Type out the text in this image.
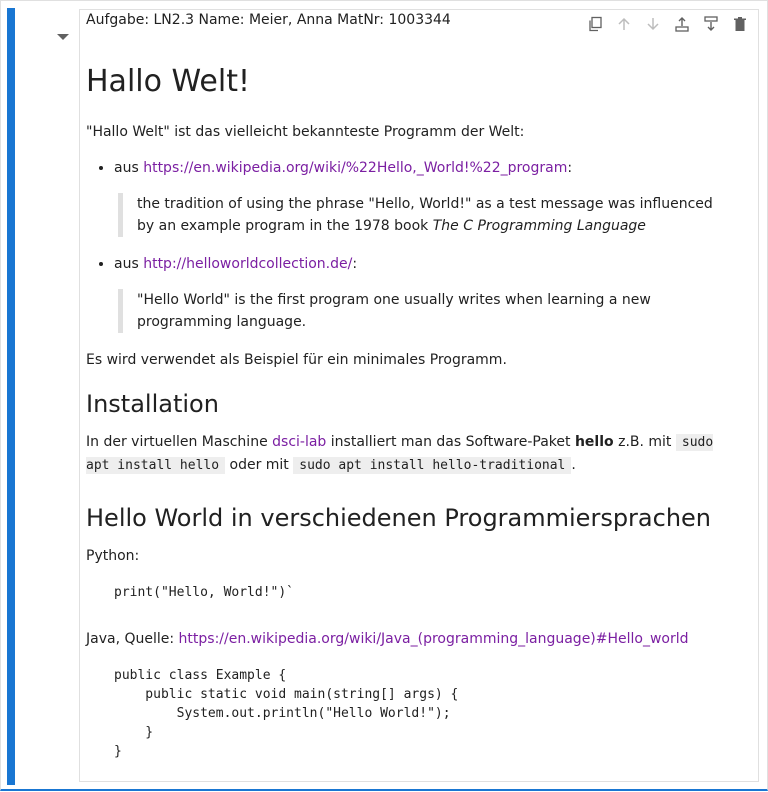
Aufgabe: LN2.3 Name: Meier, Anna MatNr: 1003344
Hallo Welt!

"Hallo Welt" ist das vielleicht bekannteste Programm der Welt:

• aus https://en.wikipedia.org/wiki/%22Hello,_World!%22_program:
the tradition of using the phrase "Hello, World!" as a test message was influenced by an example program in the 1978 book The C Programming Language
• aus http://helloworldcollection.de/:
"Hello World" is the first program one usually writes when learning a new programming language.

Es wird verwendet als Beispiel für ein minimales Programm.

Installation

In der virtuellen Maschine dsci-lab installiert man das Software-Paket hello z.B. mit sudo apt install hello oder mit sudo apt install hello-traditional .

Hello World in verschiedenen Programmiersprachen

Python:

print("Hello, World!")`

Java, Quelle: https://en.wikipedia.org/wiki/Java_(programming_language)#Hello_world

public class Example {
public static void main(string[] args) {
System.out.println("Hello World!");
}
}
